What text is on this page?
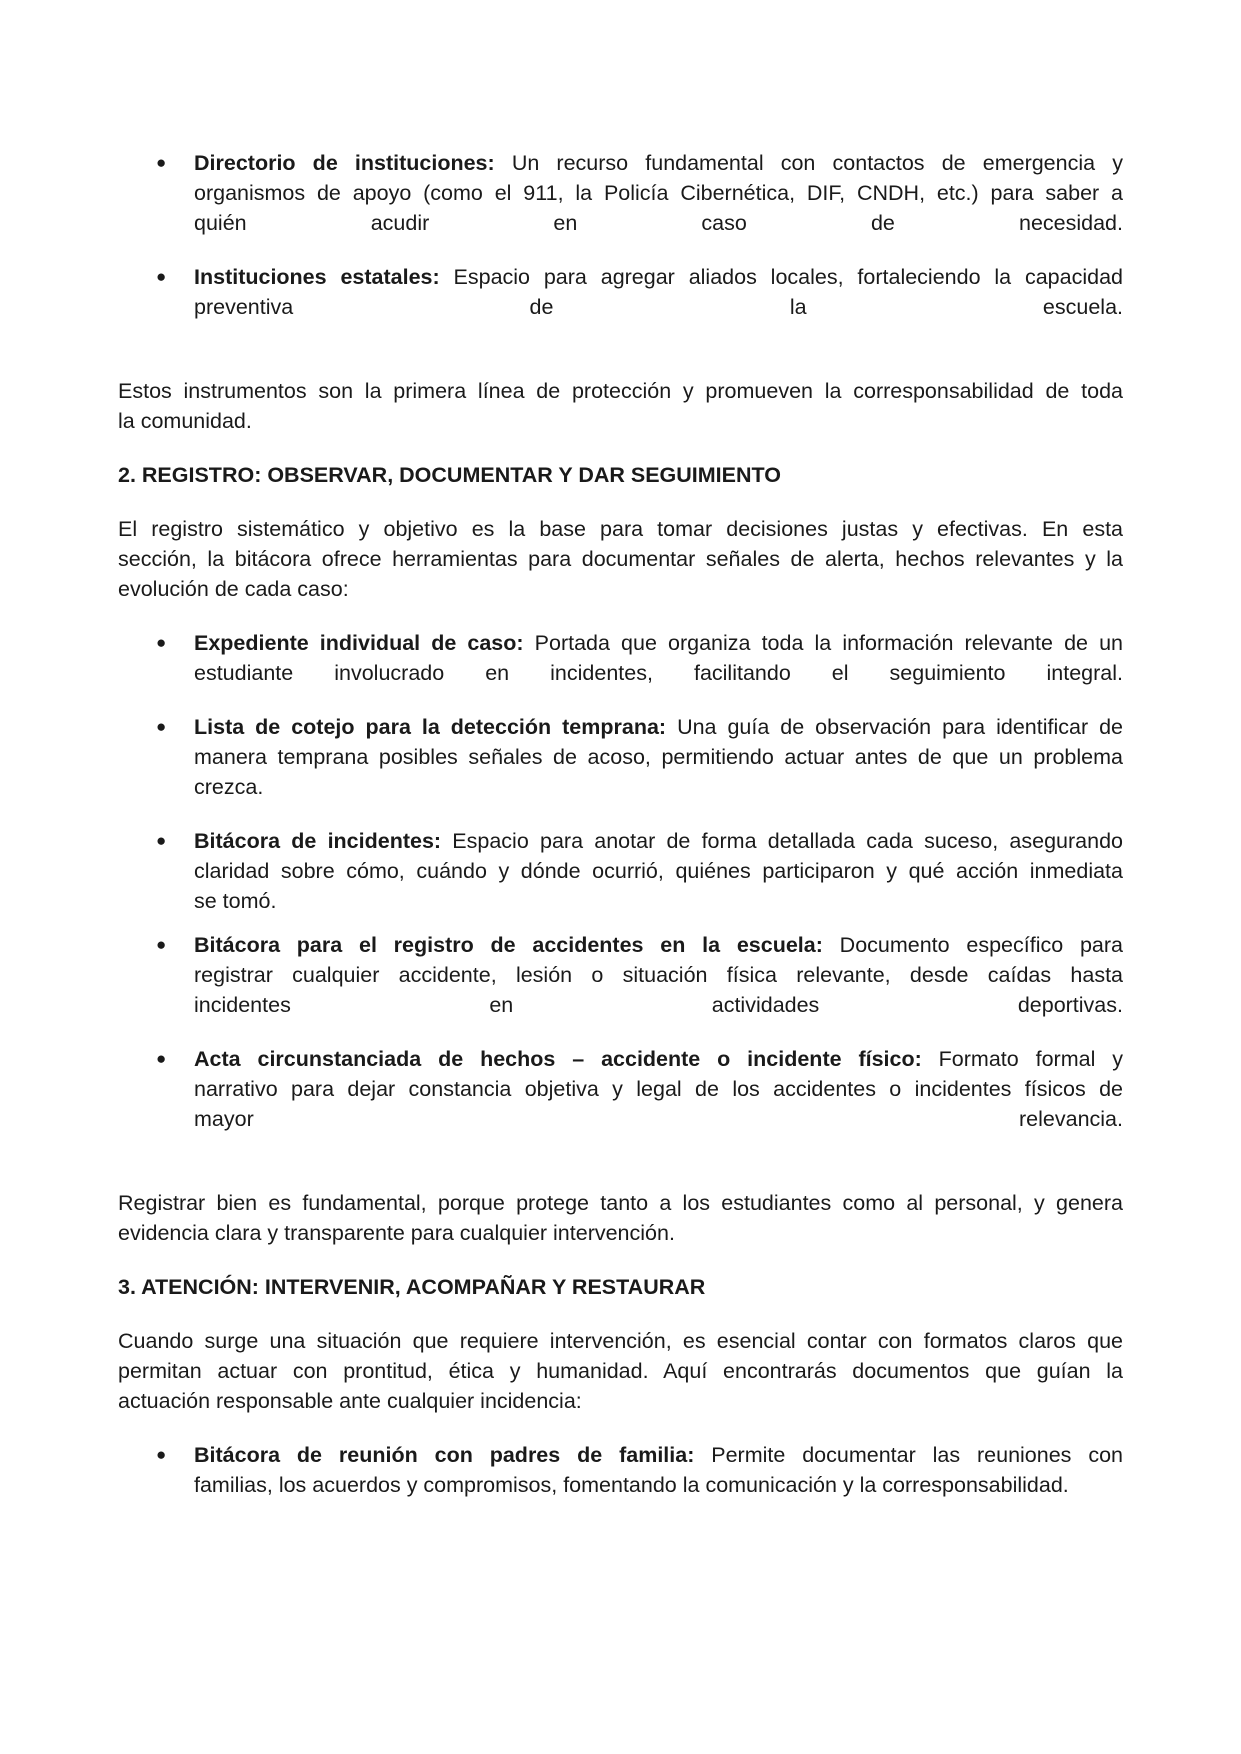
● Directorio de instituciones: Un recurso fundamental con contactos de emergencia y

organismos de apoyo (como el 911, la Policía Cibernética, DIF, CNDH, etc.) para saber a

quién acudir en caso de necesidad.

● Instituciones estatales: Espacio para agregar aliados locales, fortaleciendo la capacidad

preventiva de la escuela.

Estos instrumentos son la primera línea de protección y promueven la corresponsabilidad de toda

la comunidad.

2. REGISTRO: OBSERVAR, DOCUMENTAR Y DAR SEGUIMIENTO

El registro sistemático y objetivo es la base para tomar decisiones justas y efectivas. En esta

sección, la bitácora ofrece herramientas para documentar señales de alerta, hechos relevantes y la

evolución de cada caso:

● Expediente individual de caso: Portada que organiza toda la información relevante de un

estudiante involucrado en incidentes, facilitando el seguimiento integral.

● Lista de cotejo para la detección temprana: Una guía de observación para identificar de

manera temprana posibles señales de acoso, permitiendo actuar antes de que un problema

crezca.

● Bitácora de incidentes: Espacio para anotar de forma detallada cada suceso, asegurando

claridad sobre cómo, cuándo y dónde ocurrió, quiénes participaron y qué acción inmediata

se tomó.

● Bitácora para el registro de accidentes en la escuela: Documento específico para

registrar cualquier accidente, lesión o situación física relevante, desde caídas hasta

incidentes en actividades deportivas.

● Acta circunstanciada de hechos – accidente o incidente físico: Formato formal y

narrativo para dejar constancia objetiva y legal de los accidentes o incidentes físicos de

mayor relevancia.

Registrar bien es fundamental, porque protege tanto a los estudiantes como al personal, y genera

evidencia clara y transparente para cualquier intervención.

3. ATENCIÓN: INTERVENIR, ACOMPAÑAR Y RESTAURAR

Cuando surge una situación que requiere intervención, es esencial contar con formatos claros que

permitan actuar con prontitud, ética y humanidad. Aquí encontrarás documentos que guían la

actuación responsable ante cualquier incidencia:

● Bitácora de reunión con padres de familia: Permite documentar las reuniones con

familias, los acuerdos y compromisos, fomentando la comunicación y la corresponsabilidad.
